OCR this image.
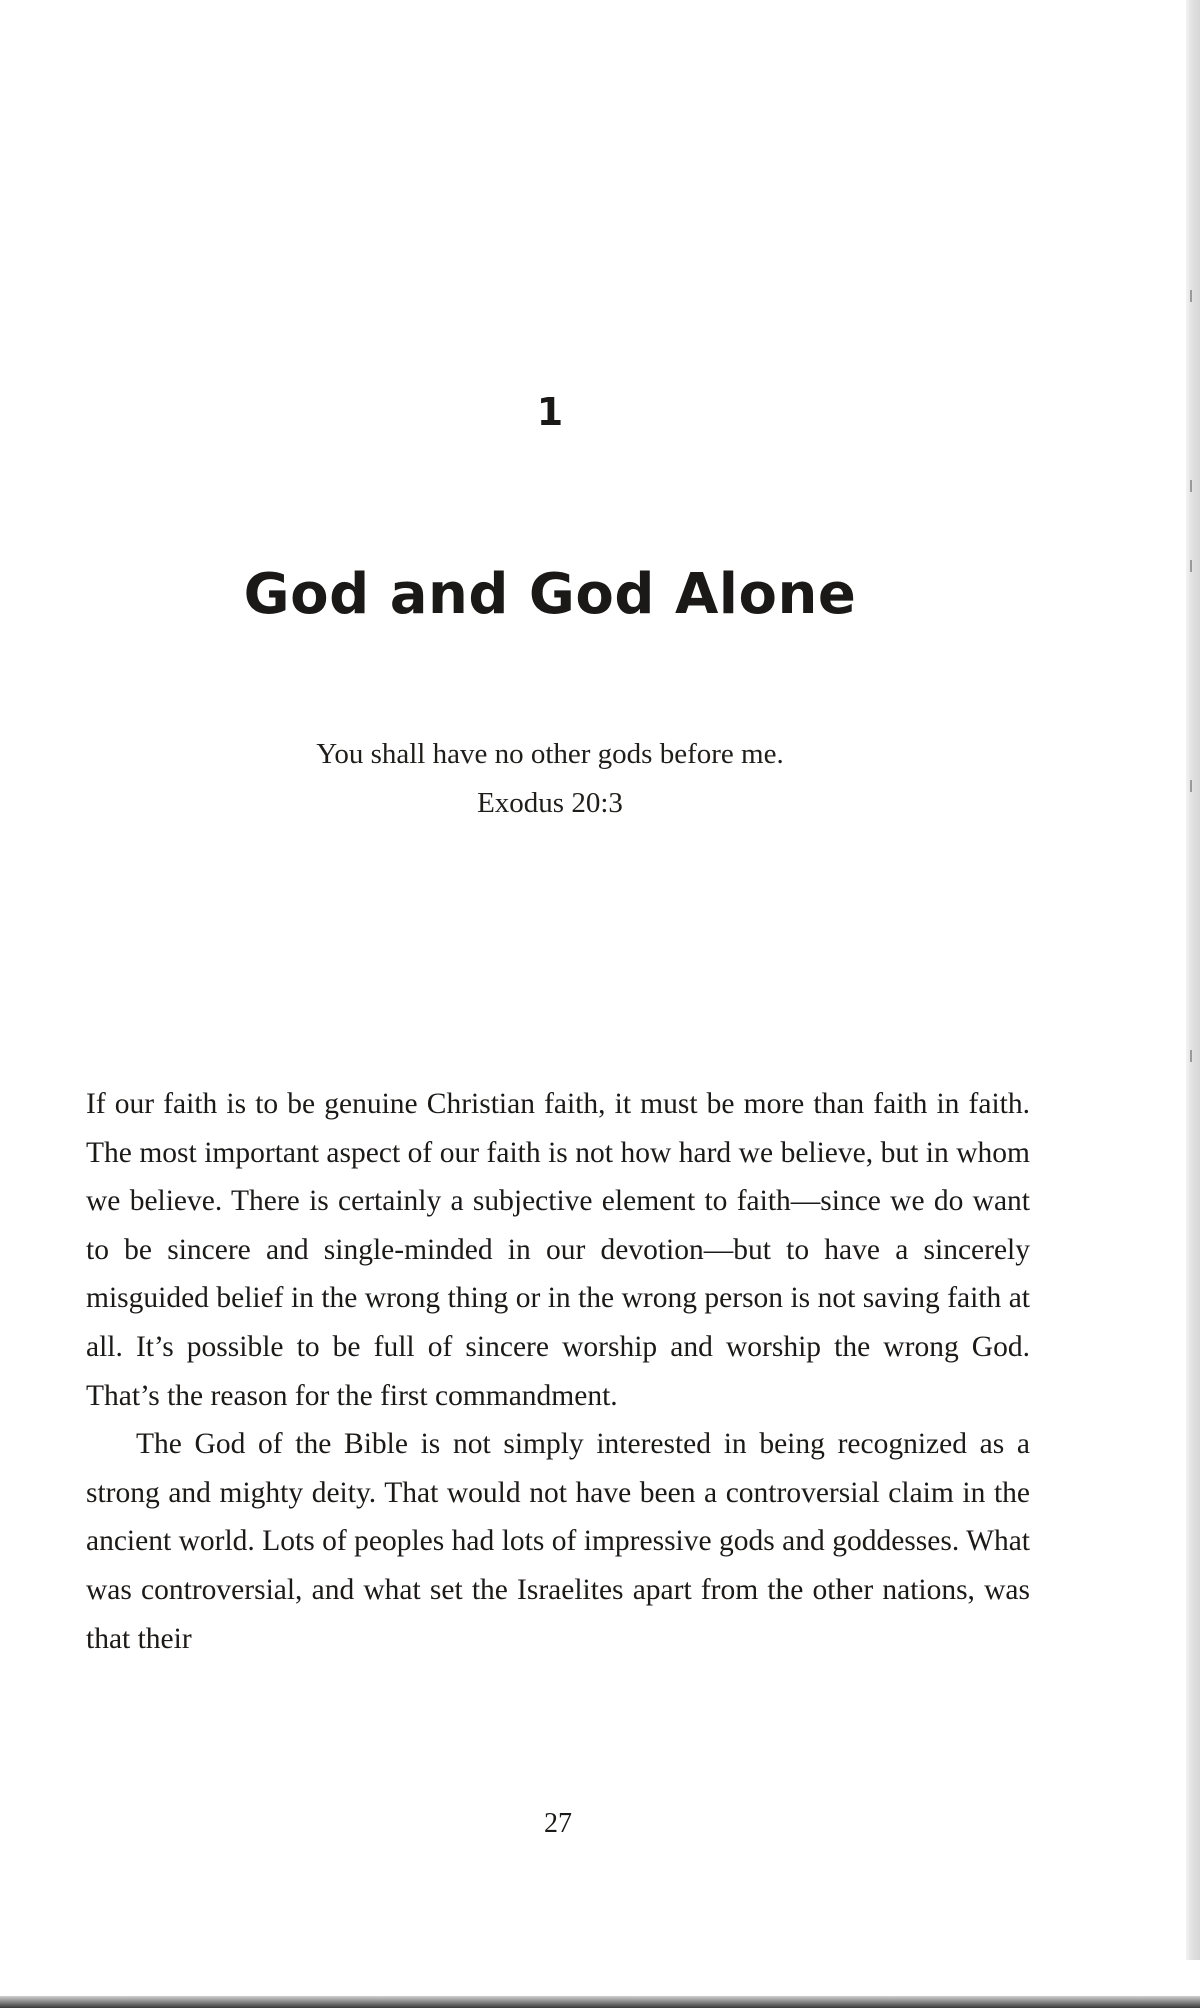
1
God and God Alone
You shall have no other gods before me.
Exodus 20:3

If our faith is to be genuine Christian faith, it must be more than faith in faith. The most important aspect of our faith is not how hard we believe, but in whom we believe. There is certainly a subjective element to faith—since we do want to be sincere and single-minded in our devotion—but to have a sincerely misguided belief in the wrong thing or in the wrong person is not saving faith at all. It’s possible to be full of sincere worship and worship the wrong God. That’s the reason for the first commandment.

The God of the Bible is not simply interested in being recognized as a strong and mighty deity. That would not have been a controversial claim in the ancient world. Lots of peoples had lots of impressive gods and goddesses. What was controversial, and what set the Israelites apart from the other nations, was that their

27
